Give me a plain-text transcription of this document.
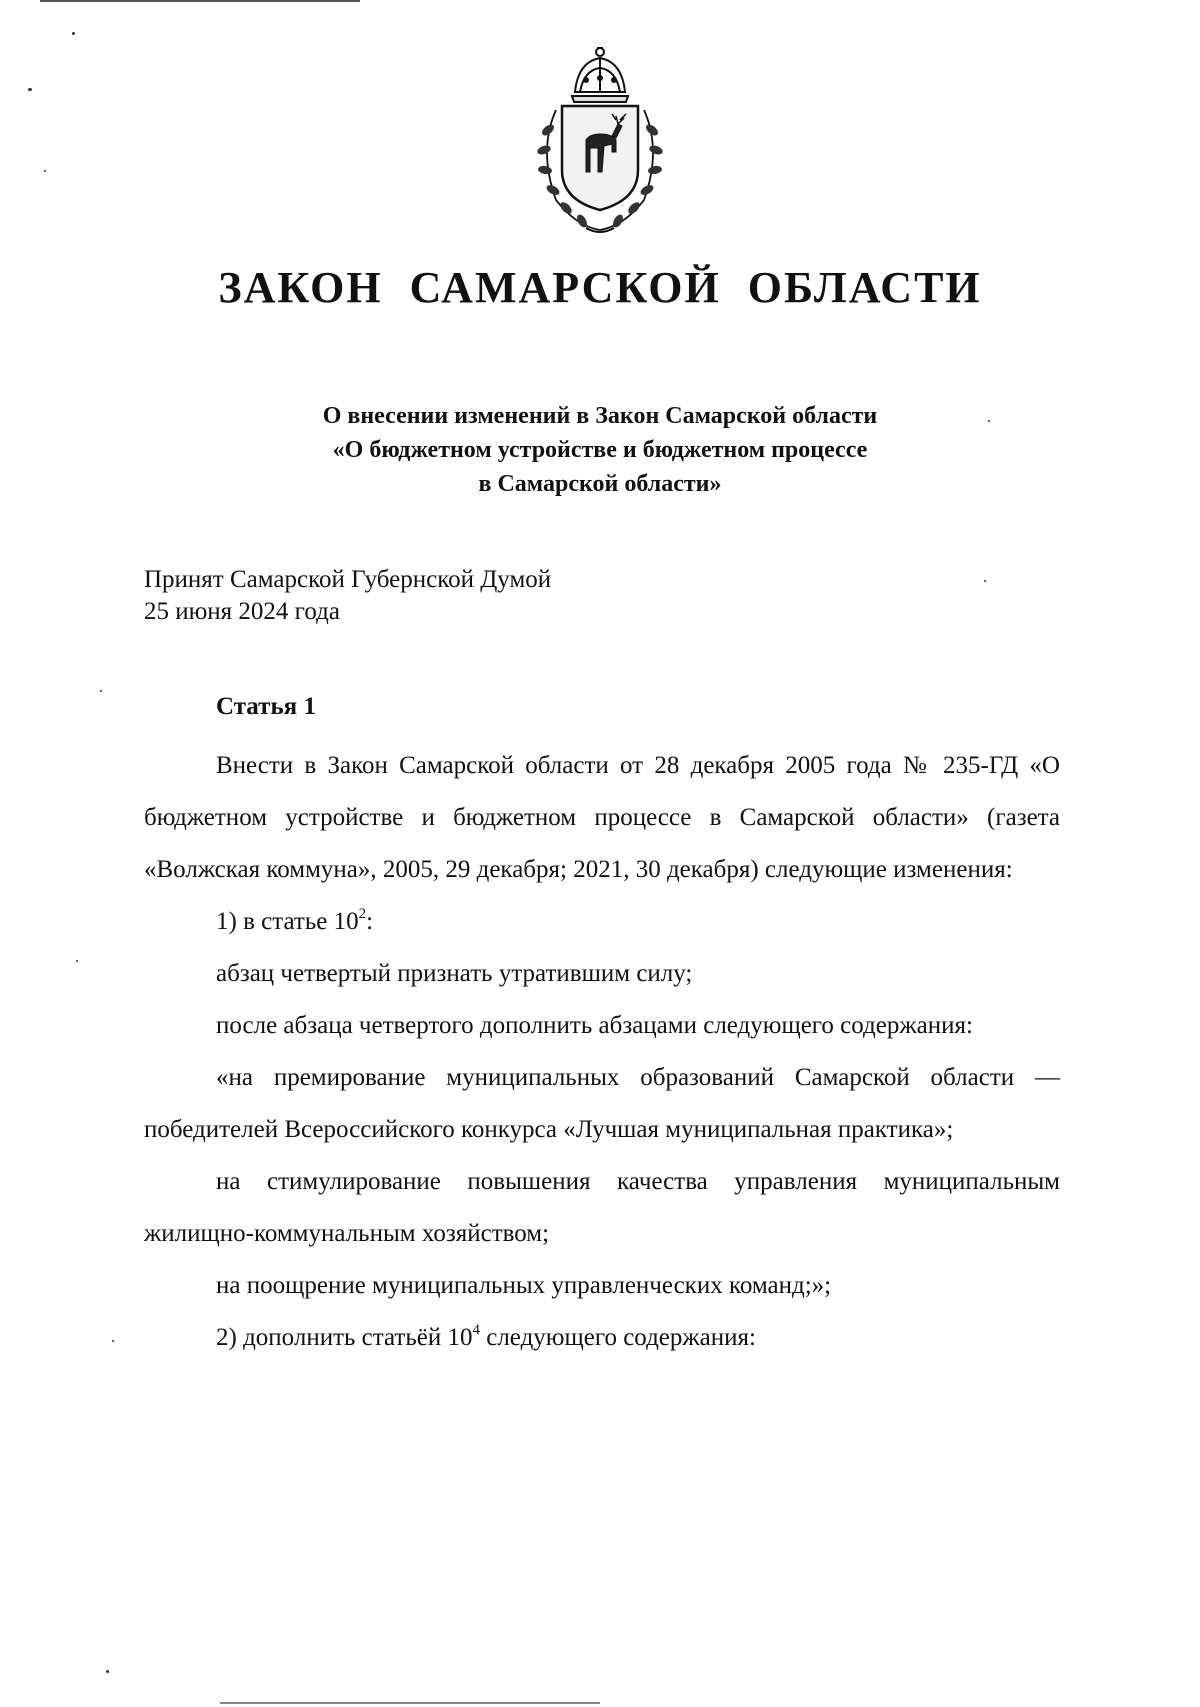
ЗАКОН САМАРСКОЙ ОБЛАСТИ
О внесении изменений в Закон Самарской области
«О бюджетном устройстве и бюджетном процессе
в Самарской области»
Принят Самарской Губернской Думой
25 июня 2024 года
Статья 1

Внести в Закон Самарской области от 28 декабря 2005 года № 235-ГД «О бюджетном устройстве и бюджетном процессе в Самарской области» (газета «Волжская коммуна», 2005, 29 декабря; 2021, 30 декабря) следующие изменения:

1) в статье $10^2$:

абзац четвертый признать утратившим силу;

после абзаца четвертого дополнить абзацами следующего содержания:

«на премирование муниципальных образований Самарской области — победителей Всероссийского конкурса «Лучшая муниципальная практика»;

на стимулирование повышения качества управления муниципальным жилищно-коммунальным хозяйством;

на поощрение муниципальных управленческих команд;»;

2) дополнить статьёй $10^4$ следующего содержания:
